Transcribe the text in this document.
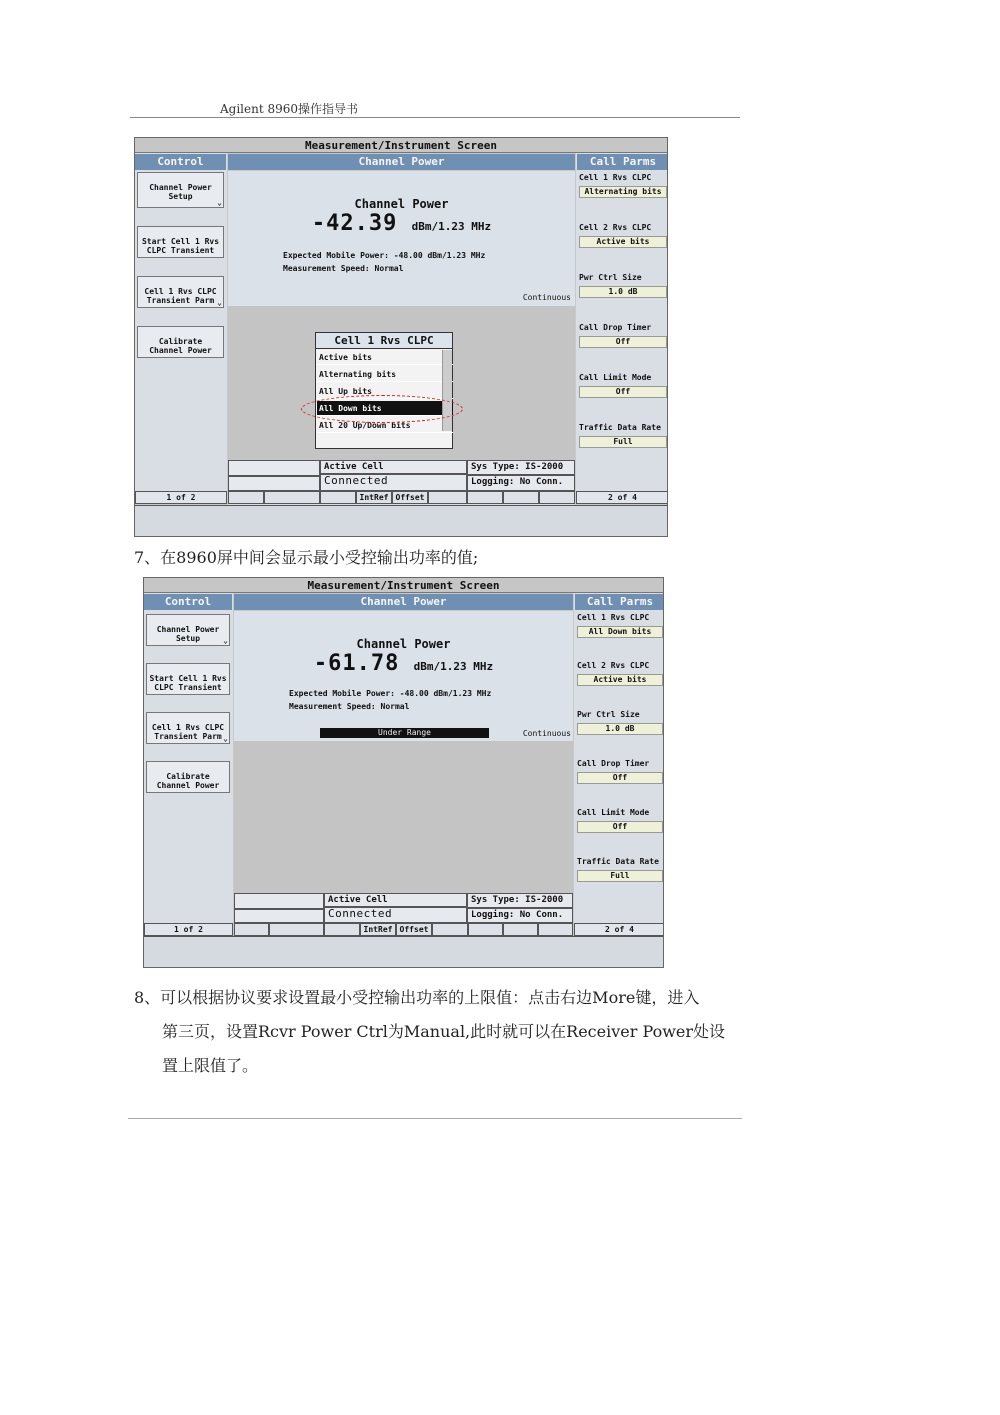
Agilent 8960操作指导书
Measurement/Instrument Screen
Control
Channel Power
Setup
⌄
Start Cell 1 Rvs
CLPC Transient
Cell 1 Rvs CLPC
Transient Parm ⌄
Calibrate
Channel Power
1 of 2
Call Parms
Cell 1 Rvs CLPC
Alternating bits
Cell 2 Rvs CLPC
Active bits
Pwr Ctrl Size
1.0 dB
Call Drop Timer
Off
Call Limit Mode
Off
Traffic Data Rate
Full
2 of 4
Channel Power
Channel Power
-42.39 dBm/1.23 MHz
Expected Mobile Power: -48.00 dBm/1.23 MHz
Measurement Speed: Normal
Continuous
Cell 1 Rvs CLPC
Active bits
Alternating bits
All Up bits
All Down bits
All 20 Up/Down bits
Active Cell
Connected
Sys Type: IS-2000
Logging: No Conn.
IntRef Offset
7、在8960屏中间会显示最小受控输出功率的值;
Measurement/Instrument Screen
Control
Channel Power
Setup	⌄
Start Cell 1 Rvs
CLPC Transient
Cell 1 Rvs CLPC
Transient Parm ⌄
Calibrate
Channel Power
1 of 2
Call Parms
Cell 1 Rvs CLPC
All Down bits
Cell 2 Rvs CLPC
Active bits
Pwr Ctrl Size
1.0 dB
Call Drop Timer
Off
Call Limit Mode
Off
Traffic Data Rate
Full
2 of 4
Channel Power
Channel Power
-61.78 dBm/1.23 MHz
Expected Mobile Power: -48.00 dBm/1.23 MHz
Measurement Speed: Normal
Under Range	Continuous
Active Cell
Connected
Sys Type: IS-2000
Logging: No Conn.
IntRef Offset
8、可以根据协议要求设置最小受控输出功率的上限值：点击右边More键，进入
第三页，设置Rcvr Power Ctrl为Manual,此时就可以在Receiver Power处设
置上限值了。
